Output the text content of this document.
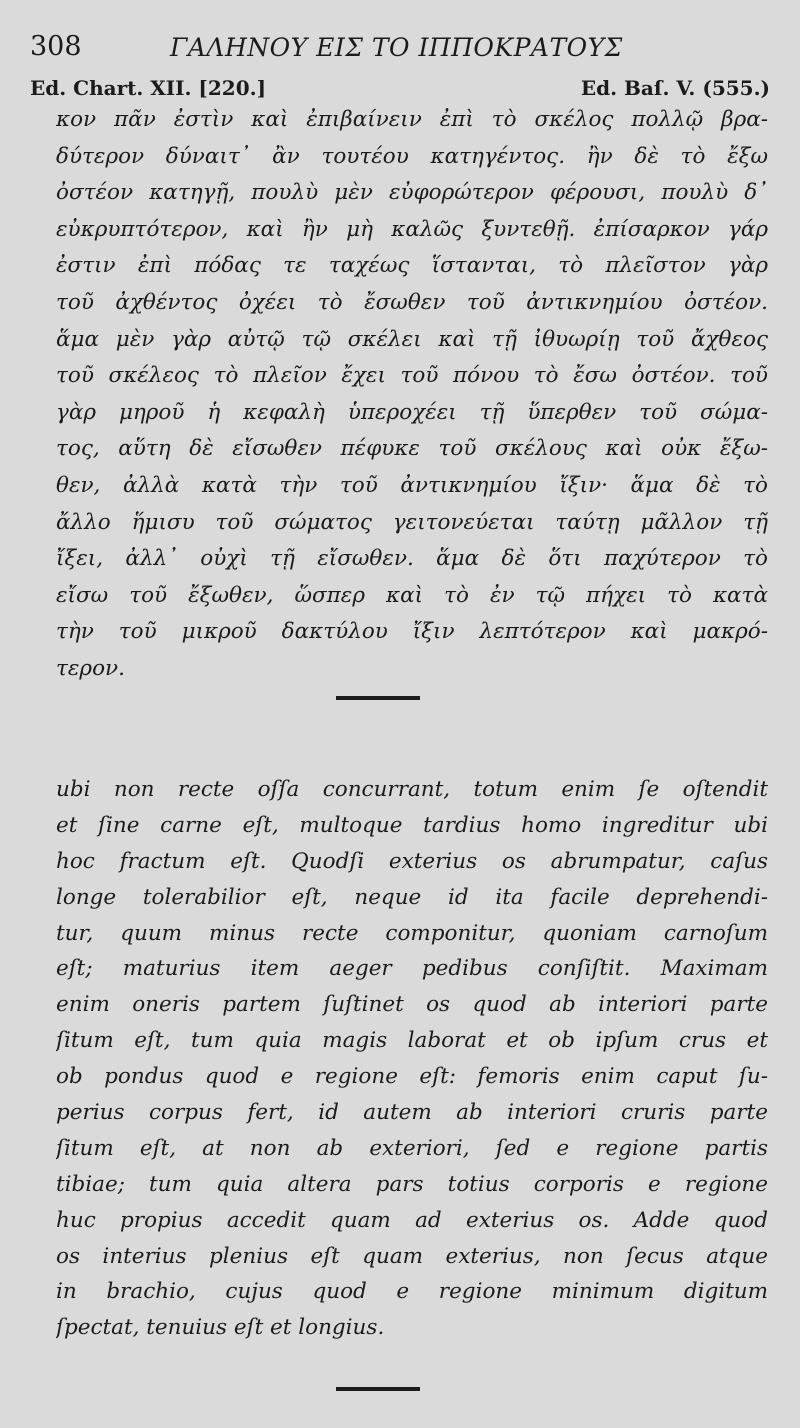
308	ΓΑΛΗΝΟΥ ΕΙΣ ΤΟ ΙΠΠΟΚΡΑΤΟΥΣ
Ed. Chart. XII. [220.]	Ed. Baſ. V. (555.)
κον πᾶν ἐστὶν καὶ ἐπιβαίνειν ἐπὶ τὸ σκέλος πολλῷ βρα-
δύτερον δύναιτ᾽ ἂν τουτέου κατηγέντος. ἢν δὲ τὸ ἔξω
ὀστέον κατηγῇ, πουλὺ μὲν εὐφορώτερον φέρουσι, πουλὺ δ᾽
εὐκρυπτότερον, καὶ ἢν μὴ καλῶς ξυντεθῇ. ἐπίσαρκον γάρ
ἐστιν ἐπὶ πόδας τε ταχέως ἵστανται, τὸ πλεῖστον γὰρ
τοῦ ἀχθέντος ὀχέει τὸ ἔσωθεν τοῦ ἀντικνημίου ὀστέον.
ἅμα μὲν γὰρ αὐτῷ τῷ σκέλει καὶ τῇ ἰθυωρίῃ τοῦ ἄχθεος
τοῦ σκέλεος τὸ πλεῖον ἔχει τοῦ πόνου τὸ ἔσω ὀστέον. τοῦ
γὰρ μηροῦ ἡ κεφαλὴ ὑπεροχέει τῇ ὕπερθεν τοῦ σώμα-
τος, αὕτη δὲ εἴσωθεν πέφυκε τοῦ σκέλους καὶ οὐκ ἔξω-
θεν, ἀλλὰ κατὰ τὴν τοῦ ἀντικνημίου ἴξιν· ἅμα δὲ τὸ
ἄλλο ἥμισυ τοῦ σώματος γειτονεύεται ταύτῃ μᾶλλον τῇ
ἴξει, ἀλλ᾽ οὐχὶ τῇ εἴσωθεν. ἅμα δὲ ὅτι παχύτερον τὸ
εἴσω τοῦ ἔξωθεν, ὥσπερ καὶ τὸ ἐν τῷ πήχει τὸ κατὰ
τὴν τοῦ μικροῦ δακτύλου ἴξιν λεπτότερον καὶ μακρό-
τερον.
ubi non recte oſſa concurrant, totum enim ſe oſtendit
et ſine carne eſt, multoque tardius homo ingreditur ubi
hoc fractum eſt. Quodſi exterius os abrumpatur, caſus
longe tolerabilior eſt, neque id ita facile deprehendi-
tur, quum minus recte componitur, quoniam carnoſum
eſt; maturius item aeger pedibus conſiſtit. Maximam
enim oneris partem ſuſtinet os quod ab interiori parte
ſitum eſt, tum quia magis laborat et ob ipſum crus et
ob pondus quod e regione eſt: femoris enim caput ſu-
perius corpus fert, id autem ab interiori cruris parte
ſitum eſt, at non ab exteriori, ſed e regione partis
tibiae; tum quia altera pars totius corporis e regione
huc propius accedit quam ad exterius os. Adde quod
os interius plenius eſt quam exterius, non ſecus atque
in brachio, cujus quod e regione minimum digitum
ſpectat, tenuius eſt et longius.
